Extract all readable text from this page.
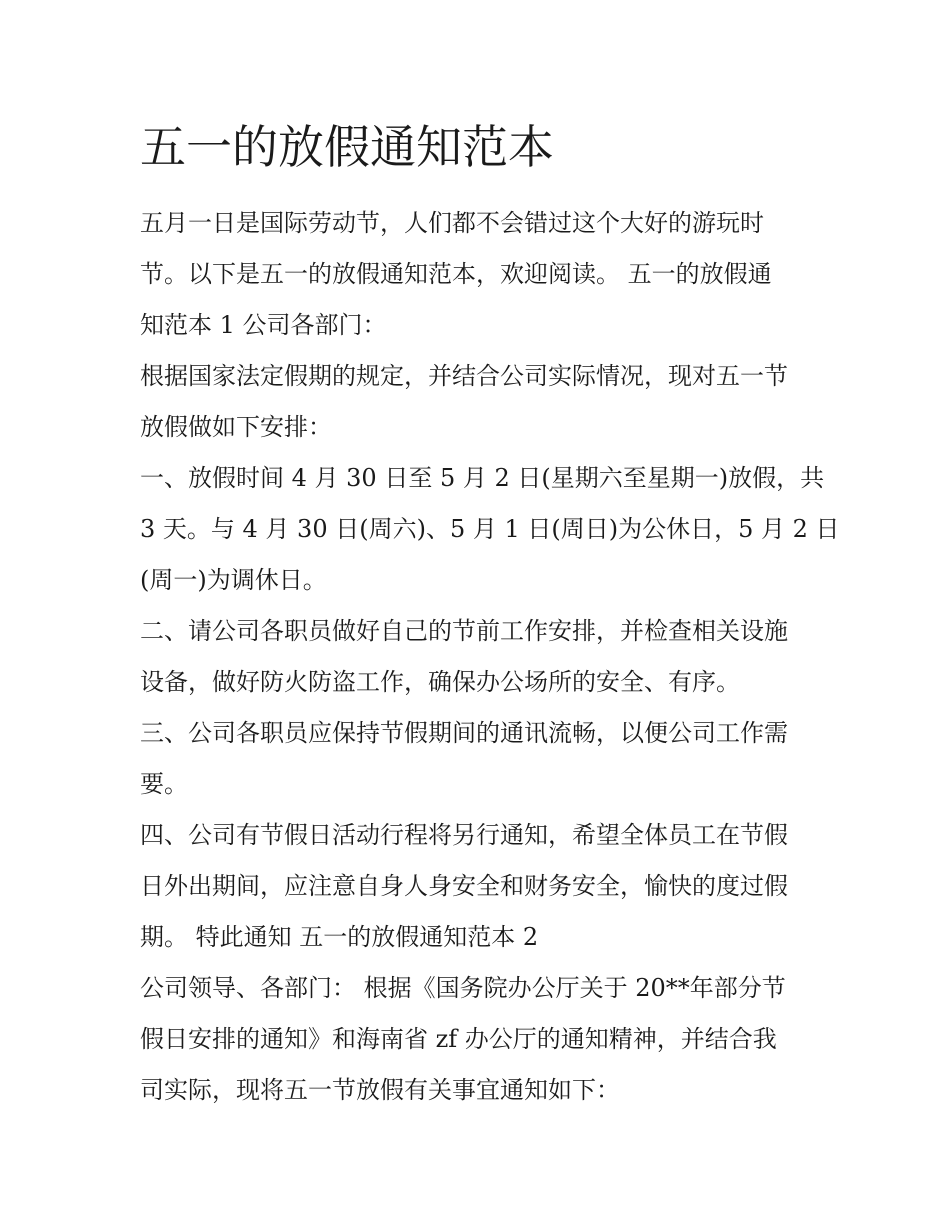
五一的放假通知范本
五月一日是国际劳动节，人们都不会错过这个大好的游玩时
节。以下是五一的放假通知范本，欢迎阅读。 五一的放假通
知范本 1 公司各部门：
根据国家法定假期的规定，并结合公司实际情况，现对五一节
放假做如下安排：
一、放假时间 4 月 30 日至 5 月 2 日(星期六至星期一)放假，共
3 天。与 4 月 30 日(周六)、5 月 1 日(周日)为公休日，5 月 2 日
(周一)为调休日。
二、请公司各职员做好自己的节前工作安排，并检查相关设施
设备，做好防火防盗工作，确保办公场所的安全、有序。
三、公司各职员应保持节假期间的通讯流畅，以便公司工作需
要。
四、公司有节假日活动行程将另行通知，希望全体员工在节假
日外出期间，应注意自身人身安全和财务安全，愉快的度过假
期。 特此通知 五一的放假通知范本 2
公司领导、各部门： 根据《国务院办公厅关于 20**年部分节
假日安排的通知》和海南省 zf 办公厅的通知精神，并结合我
司实际，现将五一节放假有关事宜通知如下：
